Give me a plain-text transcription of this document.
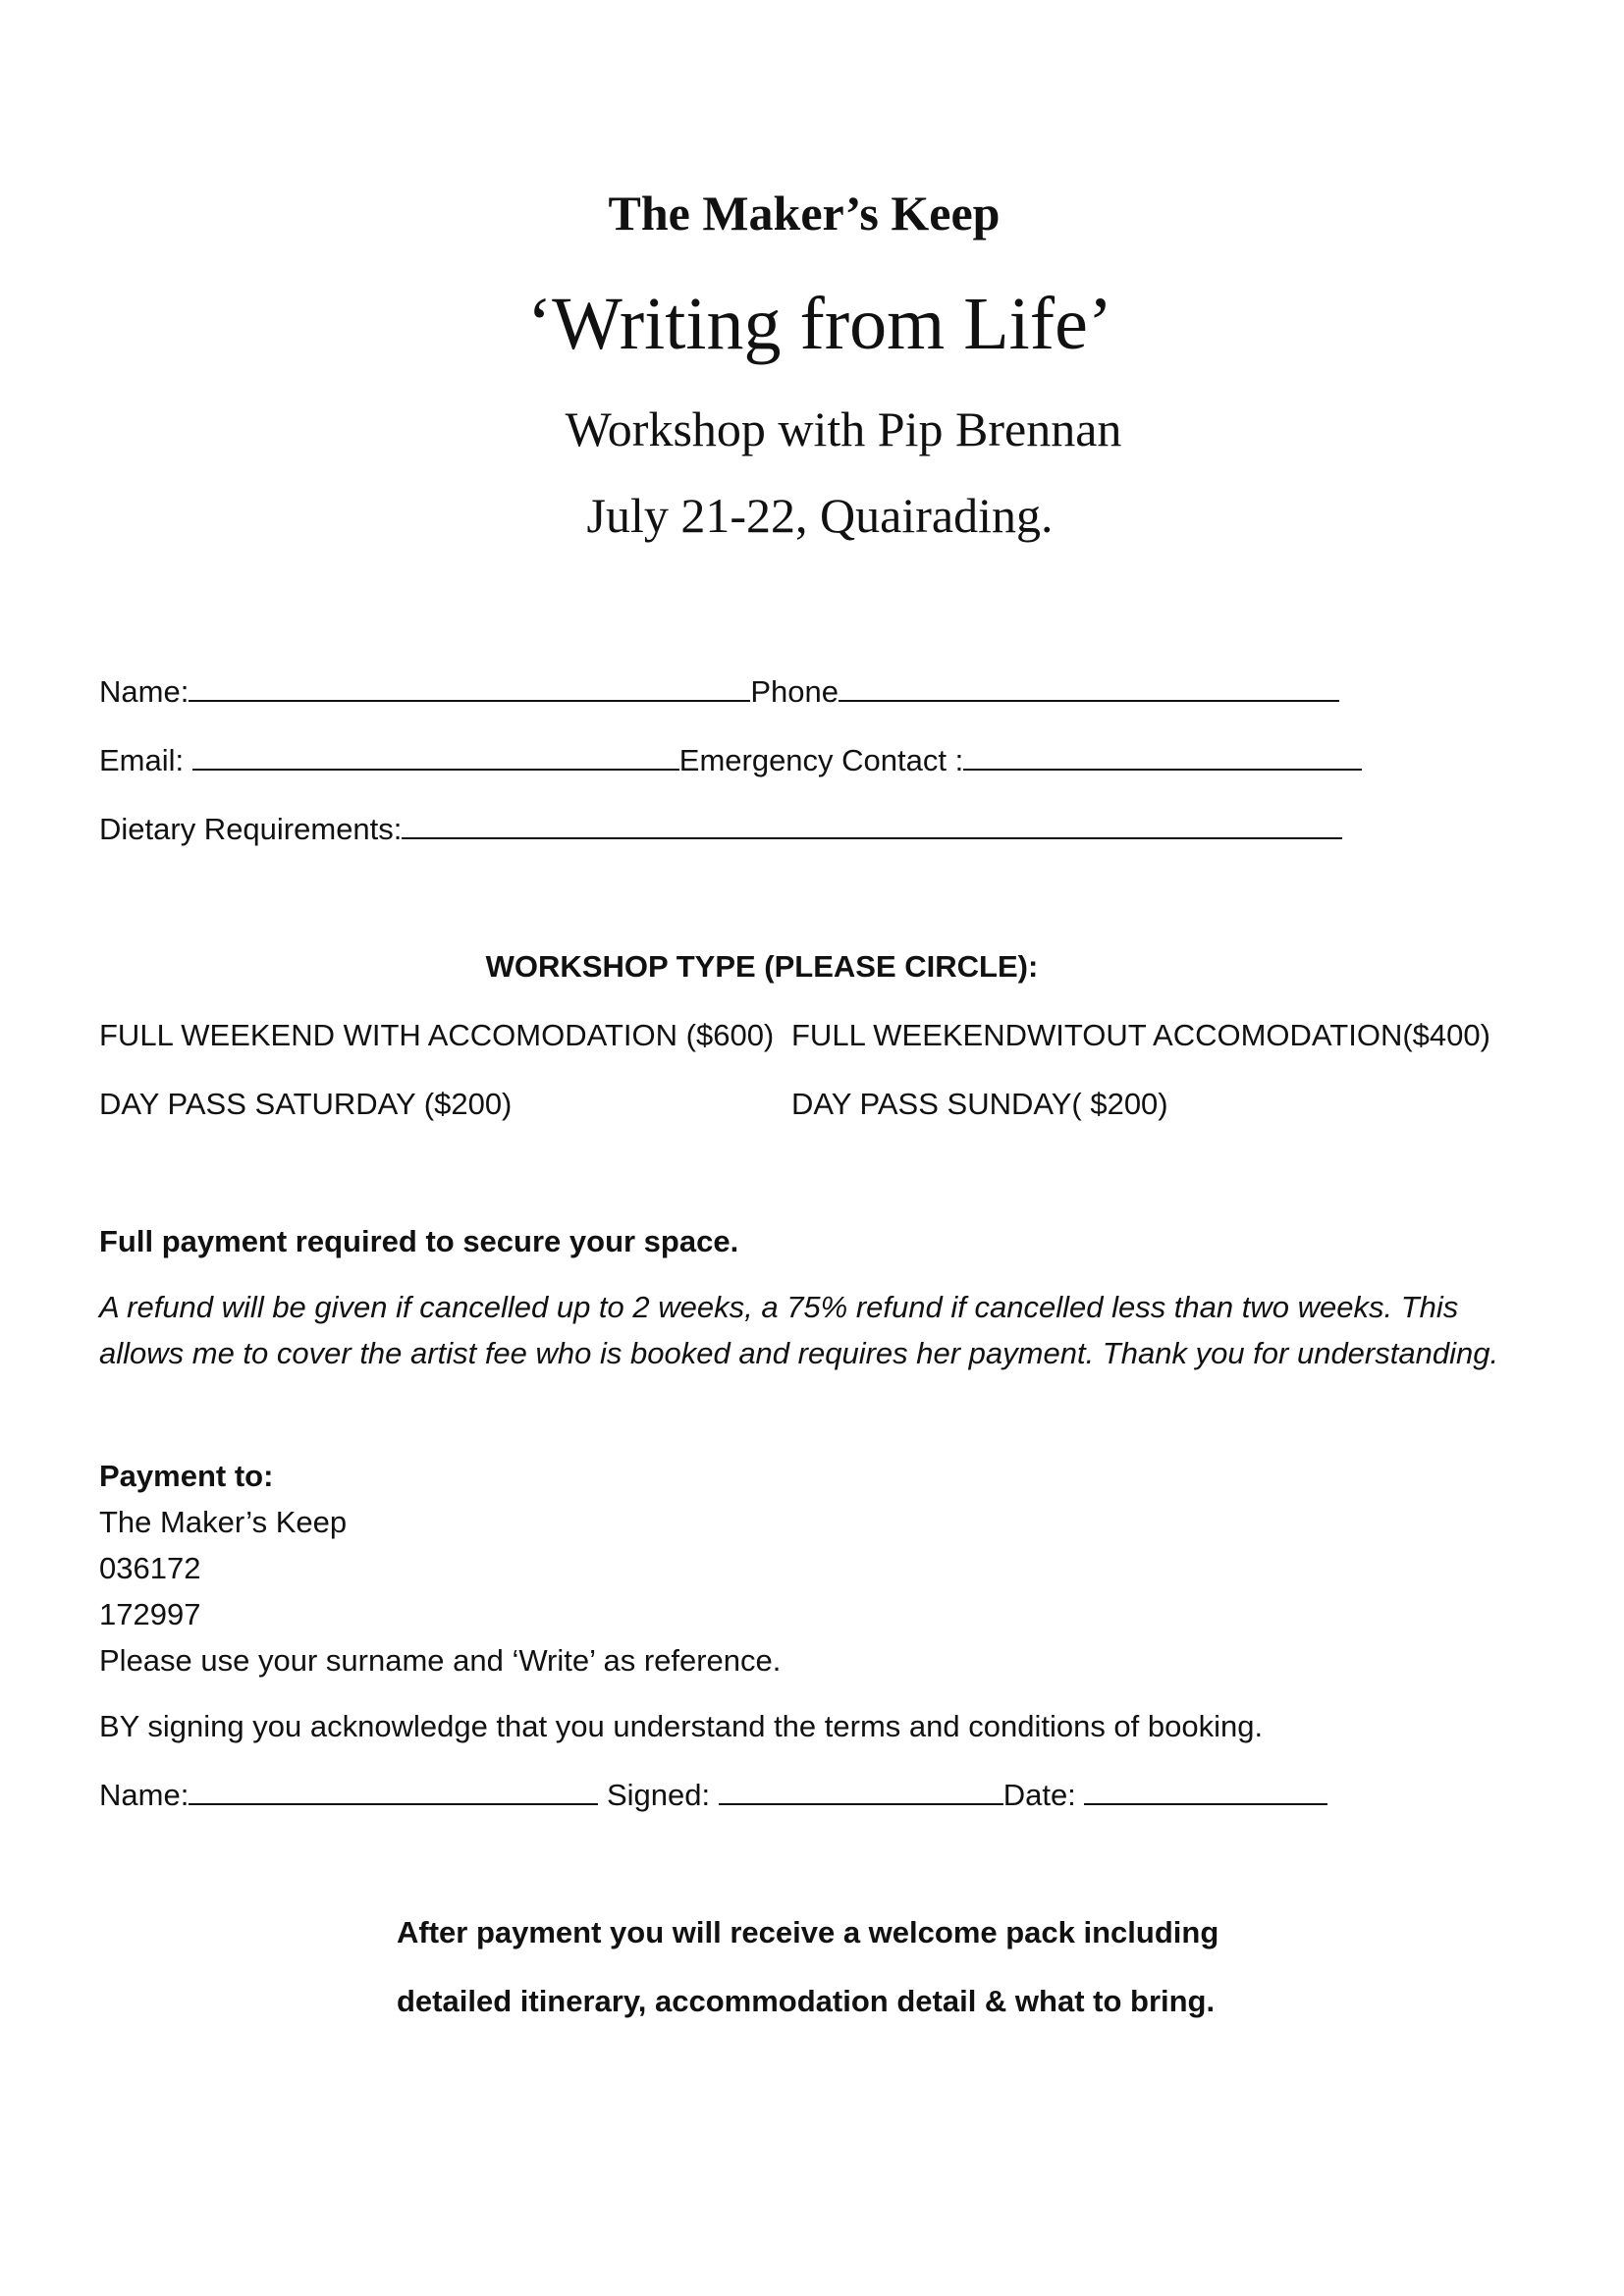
The Maker’s Keep
‘Writing from Life’
Workshop with Pip Brennan
July 21-22, Quairading.
Name:	Phone
Email:	Emergency Contact :
Dietary Requirements:
WORKSHOP TYPE (PLEASE CIRCLE):
FULL WEEKEND WITH ACCOMODATION ($600) FULL WEEKENDWITOUT ACCOMODATION($400)
DAY PASS SATURDAY ($200)	DAY PASS SUNDAY( $200)
Full payment required to secure your space.
A refund will be given if cancelled up to 2 weeks, a 75% refund if cancelled less than two weeks. This allows me to cover the artist fee who is booked and requires her payment. Thank you for understanding.
Payment to:
The Maker’s Keep
036172
172997
Please use your surname and ‘Write’ as reference.
BY signing you acknowledge that you understand the terms and conditions of booking.
Name:	Signed:	Date:
After payment you will receive a welcome pack including
detailed itinerary, accommodation detail & what to bring.
